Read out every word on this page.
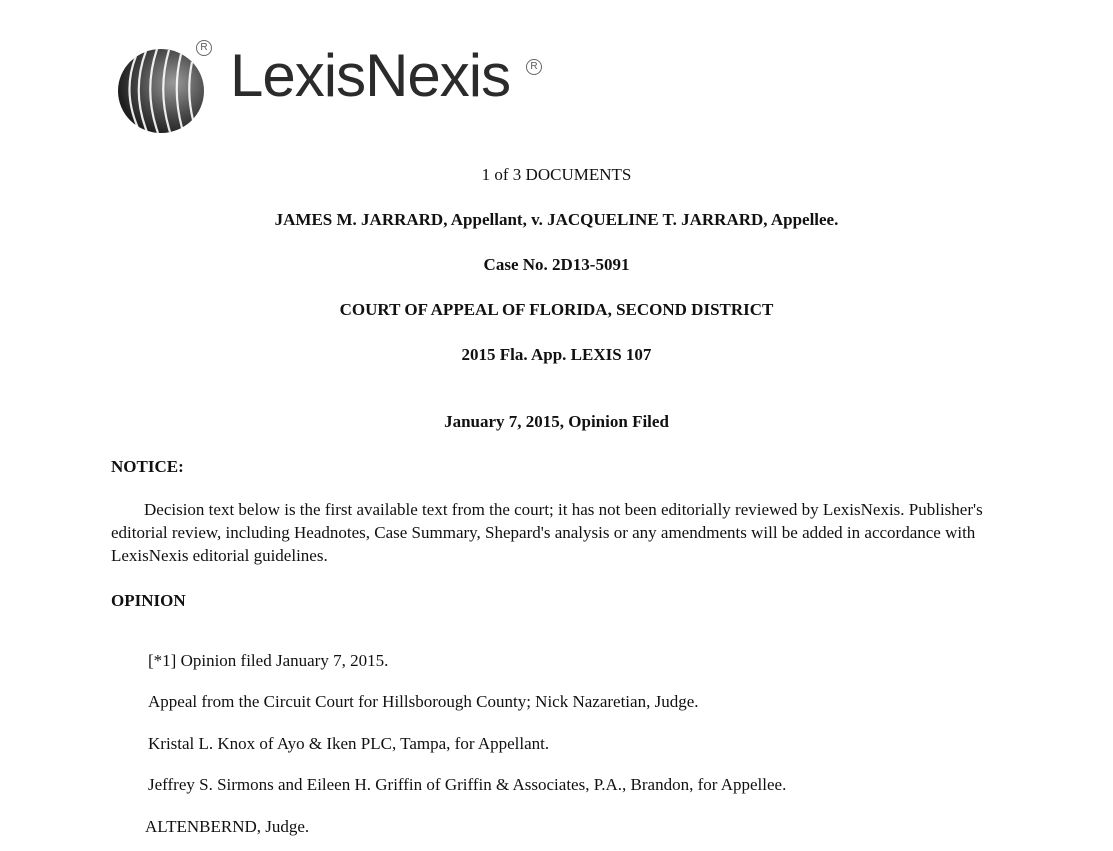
R LexisNexis	R
1 of 3 DOCUMENTS
JAMES M. JARRARD, Appellant, v. JACQUELINE T. JARRARD, Appellee.
Case No. 2D13-5091
COURT OF APPEAL OF FLORIDA, SECOND DISTRICT
2015 Fla. App. LEXIS 107
January 7, 2015, Opinion Filed
NOTICE:
Decision text below is the first available text from the court; it has not been editorially reviewed by LexisNexis. Publisher's editorial review, including Headnotes, Case Summary, Shepard's analysis or any amendments will be added in accordance with LexisNexis editorial guidelines.
OPINION
[*1] Opinion filed January 7, 2015.
Appeal from the Circuit Court for Hillsborough County; Nick Nazaretian, Judge.
Kristal L. Knox of Ayo & Iken PLC, Tampa, for Appellant.
Jeffrey S. Sirmons and Eileen H. Griffin of Griffin & Associates, P.A., Brandon, for Appellee.
ALTENBERND, Judge.
